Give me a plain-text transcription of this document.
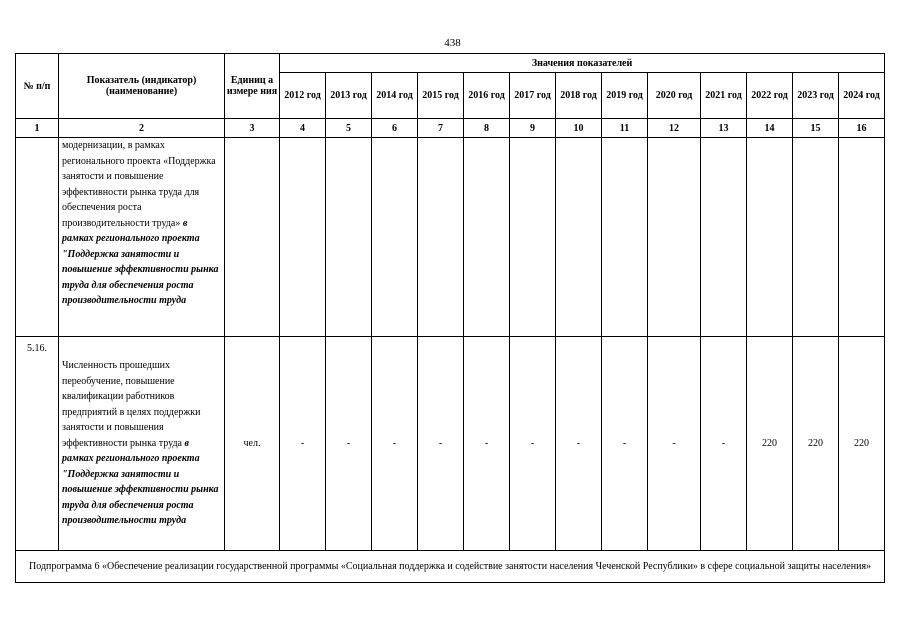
438
№ п/п	Показатель (индикатор) (наименование)	Единиц а измере ния	Значения показателей												
			2012 год	2013 год	2014 год	2015 год	2016 год	2017 год	2018 год	2019 год	2020 год	2021 год	2022 год	2023 год	2024 год
1	2	3	4	5	6	7	8	9	10	11	12	13	14	15	16
	модернизации, в рамках регионального проекта «Поддержка занятости и повышение эффективности рынка труда для обеспечения роста производительности труда» в рамках регионального проекта "Поддержка занятости и повышение эффективности рынка труда для обеспечения роста производительности труда														
5.16.	Численность прошедших переобучение, повышение квалификации работников предприятий в целях поддержки занятости и повышения эффективности рынка труда в рамках регионального проекта "Поддержка занятости и повышение эффективности рынка труда для обеспечения роста производительности труда	чел.	-	-	-	-	-	-	-	-	-	-	220	220	220
Подпрограмма 6 «Обеспечение реализации государственной программы «Социальная поддержка и содействие занятости населения Чеченской Республики» в сфере социальной защиты населения»															
